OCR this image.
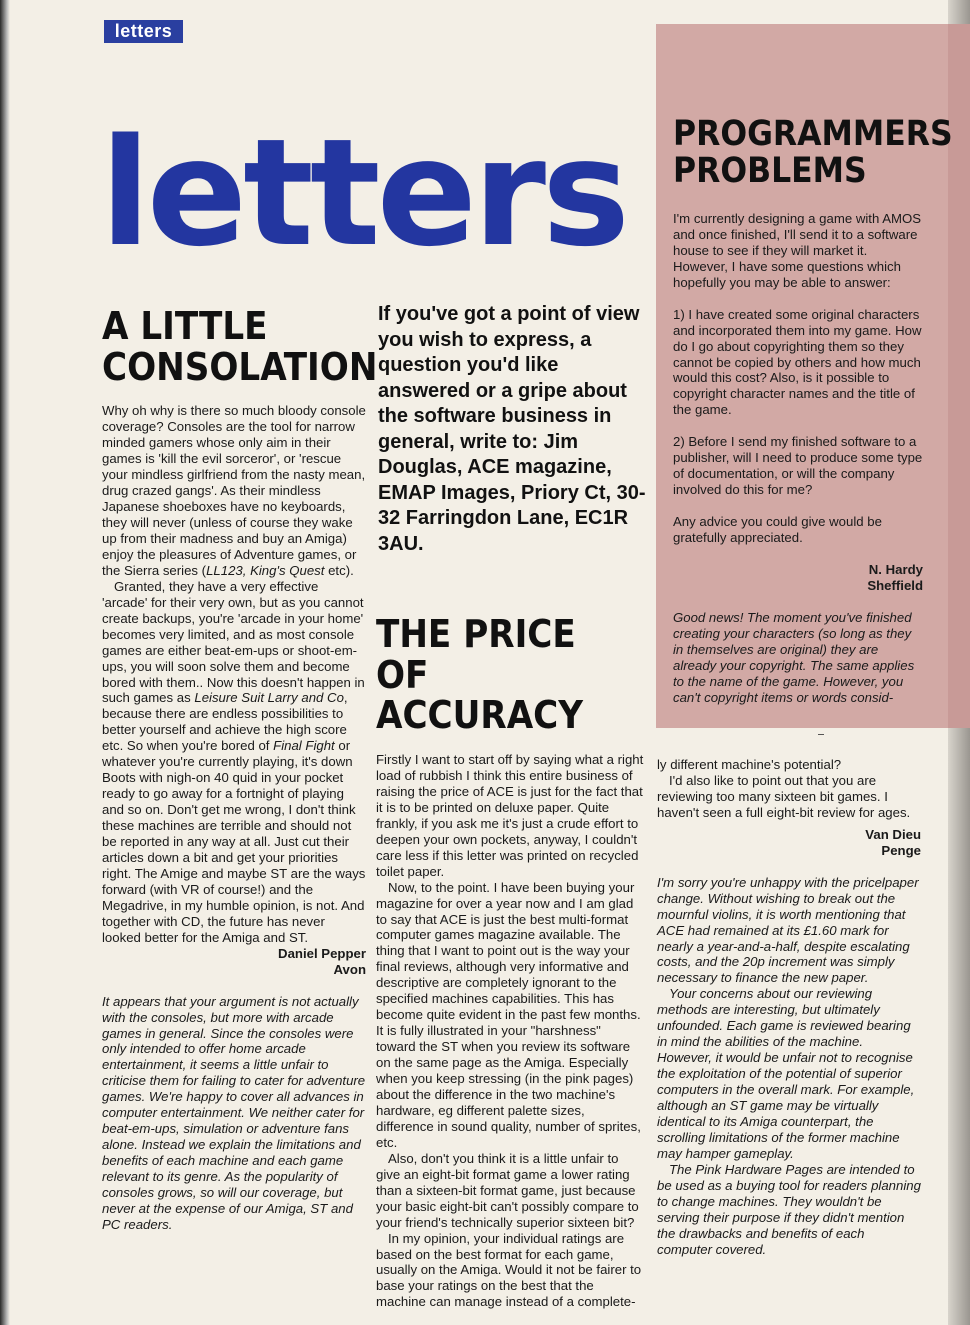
letters
letters
A LITTLE
CONSOLATION

Why oh why is there so much bloody console coverage? Consoles are the tool for narrow minded gamers whose only aim in their games is 'kill the evil sorceror', or 'rescue your mindless girlfriend from the nasty mean, drug crazed gangs'. As their mindless Japanese shoeboxes have no keyboards, they will never (unless of course they wake up from their madness and buy an Amiga) enjoy the pleasures of Adventure games, or the Sierra series (LL123, King's Quest etc).

Granted, they have a very effective 'arcade' for their very own, but as you cannot create backups, you're 'arcade in your home' becomes very limited, and as most console games are either beat-em-ups or shoot-em-ups, you will soon solve them and become bored with them.. Now this doesn't happen in such games as Leisure Suit Larry and Co, because there are endless possibilities to better yourself and achieve the high score etc. So when you're bored of Final Fight or whatever you're currently playing, it's down Boots with nigh-on 40 quid in your pocket ready to go away for a fortnight of playing and so on. Don't get me wrong, I don't think these machines are terrible and should not be reported in any way at all. Just cut their articles down a bit and get your priorities right. The Amige and maybe ST are the ways forward (with VR of course!) and the Megadrive, in my humble opinion, is not. And together with CD, the future has never looked better for the Amiga and ST.

Daniel Pepper

Avon

It appears that your argument is not actually with the consoles, but more with arcade games in general. Since the consoles were only intended to offer home arcade entertainment, it seems a little unfair to criticise them for failing to cater for adventure games. We're happy to cover all advances in computer entertainment. We neither cater for beat-em-ups, simulation or adventure fans alone. Instead we explain the limitations and benefits of each machine and each game relevant to its genre. As the popularity of consoles grows, so will our coverage, but never at the expense of our Amiga, ST and PC readers.

If you've got a point of view you wish to express, a question you'd like answered or a gripe about the software business in general, write to: Jim Douglas, ACE magazine, EMAP Images, Priory Ct, 30-32 Farringdon Lane, EC1R 3AU.

THE PRICE
OF ACCURACY

Firstly I want to start off by saying what a right load of rubbish I think this entire business of raising the price of ACE is just for the fact that it is to be printed on deluxe paper. Quite frankly, if you ask me it's just a crude effort to deepen your own pockets, anyway, I couldn't care less if this letter was printed on recycled toilet paper.

Now, to the point. I have been buying your magazine for over a year now and I am glad to say that ACE is just the best multi-format computer games magazine available. The thing that I want to point out is the way your final reviews, although very informative and descriptive are completely ignorant to the specified machines capabilities. This has become quite evident in the past few months. It is fully illustrated in your "harshness" toward the ST when you review its software on the same page as the Amiga. Especially when you keep stressing (in the pink pages) about the difference in the two machine's hardware, eg different palette sizes, difference in sound quality, number of sprites, etc.

Also, don't you think it is a little unfair to give an eight-bit format game a lower rating than a sixteen-bit format game, just because your basic eight-bit can't possibly compare to your friend's technically superior sixteen bit?

In my opinion, your individual ratings are based on the best format for each game, usually on the Amiga. Would it not be fairer to base your ratings on the best that the machine can manage instead of a complete-

ly different machine's potential?

I'd also like to point out that you are reviewing too many sixteen bit games. I haven't seen a full eight-bit review for ages.

Van Dieu

Penge

I'm sorry you're unhappy with the pricelpaper change. Without wishing to break out the mournful violins, it is worth mentioning that ACE had remained at its £1.60 mark for nearly a year-and-a-half, despite escalating costs, and the 20p increment was simply necessary to finance the new paper.

Your concerns about our reviewing methods are interesting, but ultimately unfounded. Each game is reviewed bearing in mind the abilities of the machine. However, it would be unfair not to recognise the exploitation of the potential of superior computers in the overall mark. For example, although an ST game may be virtually identical to its Amiga counterpart, the scrolling limitations of the former machine may hamper gameplay.

The Pink Hardware Pages are intended to be used as a buying tool for readers planning to change machines. They wouldn't be serving their purpose if they didn't mention the drawbacks and benefits of each computer covered.

PROGRAMMERS
PROBLEMS

I'm currently designing a game with AMOS and once finished, I'll send it to a software house to see if they will market it. However, I have some questions which hopefully you may be able to answer:

1) I have created some original characters and incorporated them into my game. How do I go about copyrighting them so they cannot be copied by others and how much would this cost? Also, is it possible to copyright character names and the title of the game.

2) Before I send my finished software to a publisher, will I need to produce some type of documentation, or will the company involved do this for me?

Any advice you could give would be gratefully appreciated.

N. Hardy

Sheffield

Good news! The moment you've finished creating your characters (so long as they in themselves are original) they are already your copyright. The same applies to the name of the game. However, you can't copyright items or words consid-
